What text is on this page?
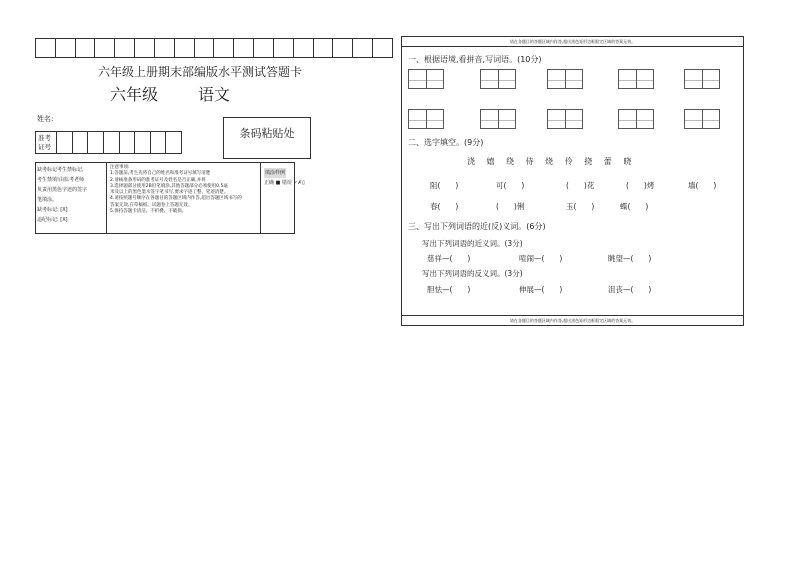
六年级上册期末部编版水平测试答题卡
六年级 语文
姓名:
准考证号
条码粘贴处
缺考标记考生禁标记,
考生禁填!由监考老师
负责用黑色字迹的签字
笔填涂。
缺考标记: [X]
违纪标记: [X]
注意事项:
1.答题前,考生先将自己的姓名和准考证号填写清楚
2.请核准条形码的准考证号及姓名是否正确,并将
3.选择题部分使用2B铅笔填涂,其他答题部分必须使用0.5毫
米及以上的黑色墨水签字笔书写,要求字迹工整、笔迹清楚。
4.请按照题号顺序在各题目的答题区域内作答,超出答题区域书写的
答案无效,在草稿纸、试题卷上答题无效。
5.保持答题卡清洁、不折叠、不破损。
填涂样例
正确 ■ 错误 ✓✗▯
请在各题目的答题区域内作答,超出黑色矩形边框限定区域的答案无效。
请在各题目的答题区域内作答,超出黑色矩形边框限定区域的答案无效。
一、根据语境,看拼音,写词语。(10分)
二、选字填空。(9分)
浇 嬉 绕 侍 烧 伶 挠 蕾 晓
阻(　　)	可(　　)	(　　)花	(　　)烤	墙(　　)
春(　　)	(　　)俐	玉(　　)	蝶(　　)
三、写出下列词语的近(反)义词。(6分)
写出下列词语的近义词。(3分)
慈祥—(　　)	喧闹—(　　)	眺望—(　　)
写出下列词语的反义词。(3分)
胆怯—(　　)	伸展—(　　)	沮丧—(　　)
